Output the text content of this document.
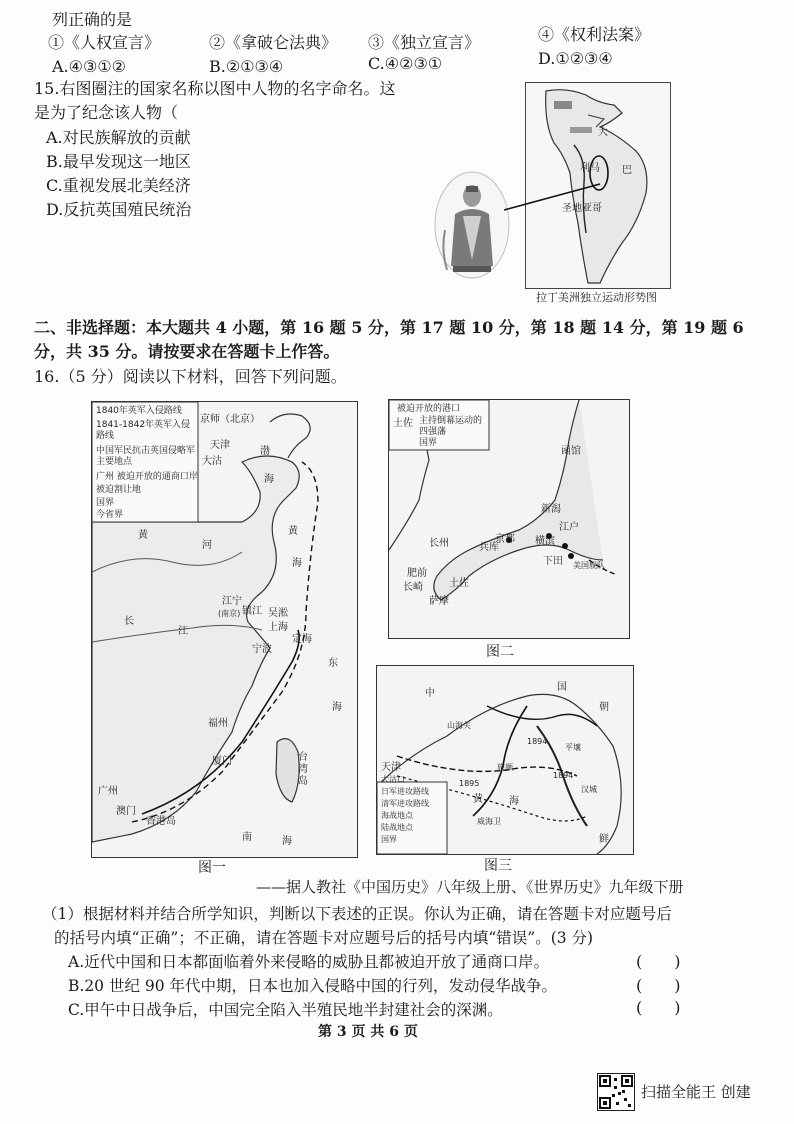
列正确的是
①《人权宣言》	②《拿破仑法典》 ③《独立宣言》	④《权利法案》
A.④③①②	B.②①③④	C.④②③①	D.①②③④
15.右图圈注的国家名称以图中人物的名字命名。这
是为了纪念该人物（
A.对民族解放的贡献
B.最早发现这一地区
C.重视发展北美经济
D.反抗英国殖民统治
利马 巴
圣地亚哥
大
拉丁美洲独立运动形势图
二、非选择题：本大题共 4 小题，第 16 题 5 分，第 17 题 10 分，第 18 题 14 分，第 19 题 6
分，共 35 分。请按要求在答题卡上作答。
16.（5 分）阅读以下材料，回答下列问题。
1840年英军入侵路线
1841-1842年英军入侵路线
中国军民抗击英国侵略军主要地点
广州 被迫开放的通商口岸
被迫割让地
国界
今省界
京师（北京）
天津
大沽
渤
海
黄
河
黄
海
江宁
(南京) 镇江 吴淞
上海
定海
宁波
长
江
东
海
福州
厦门	台湾岛
广州
澳门
香港岛
南	海
图一
被迫开放的港口
主持倒幕运动的四强藩
国界
土佐
函馆
新潟
江户
京都 横滨
兵库
下田 美国舰队
长州
肥前
长崎
萨摩
土佐
图二
中
国
山海关
天津
大沽口
旅顺
威海卫
朝
鲜
黄	海
平壤
汉城
1894
1894
1895
日军进攻路线
清军进攻路线
海战地点
陆战地点
国界
图三
——据人教社《中国历史》八年级上册、《世界历史》九年级下册
（1）根据材料并结合所学知识，判断以下表述的正误。你认为正确，请在答题卡对应题号后
的括号内填“正确”；不正确，请在答题卡对应题号后的括号内填“错误”。(3 分)
A.近代中国和日本都面临着外来侵略的威胁且都被迫开放了通商口岸。	(　　)
B.20 世纪 90 年代中期，日本也加入侵略中国的行列，发动侵华战争。	(　　)
C.甲午中日战争后，中国完全陷入半殖民地半封建社会的深渊。	(　　)
第 3 页 共 6 页
扫描全能王 创建
